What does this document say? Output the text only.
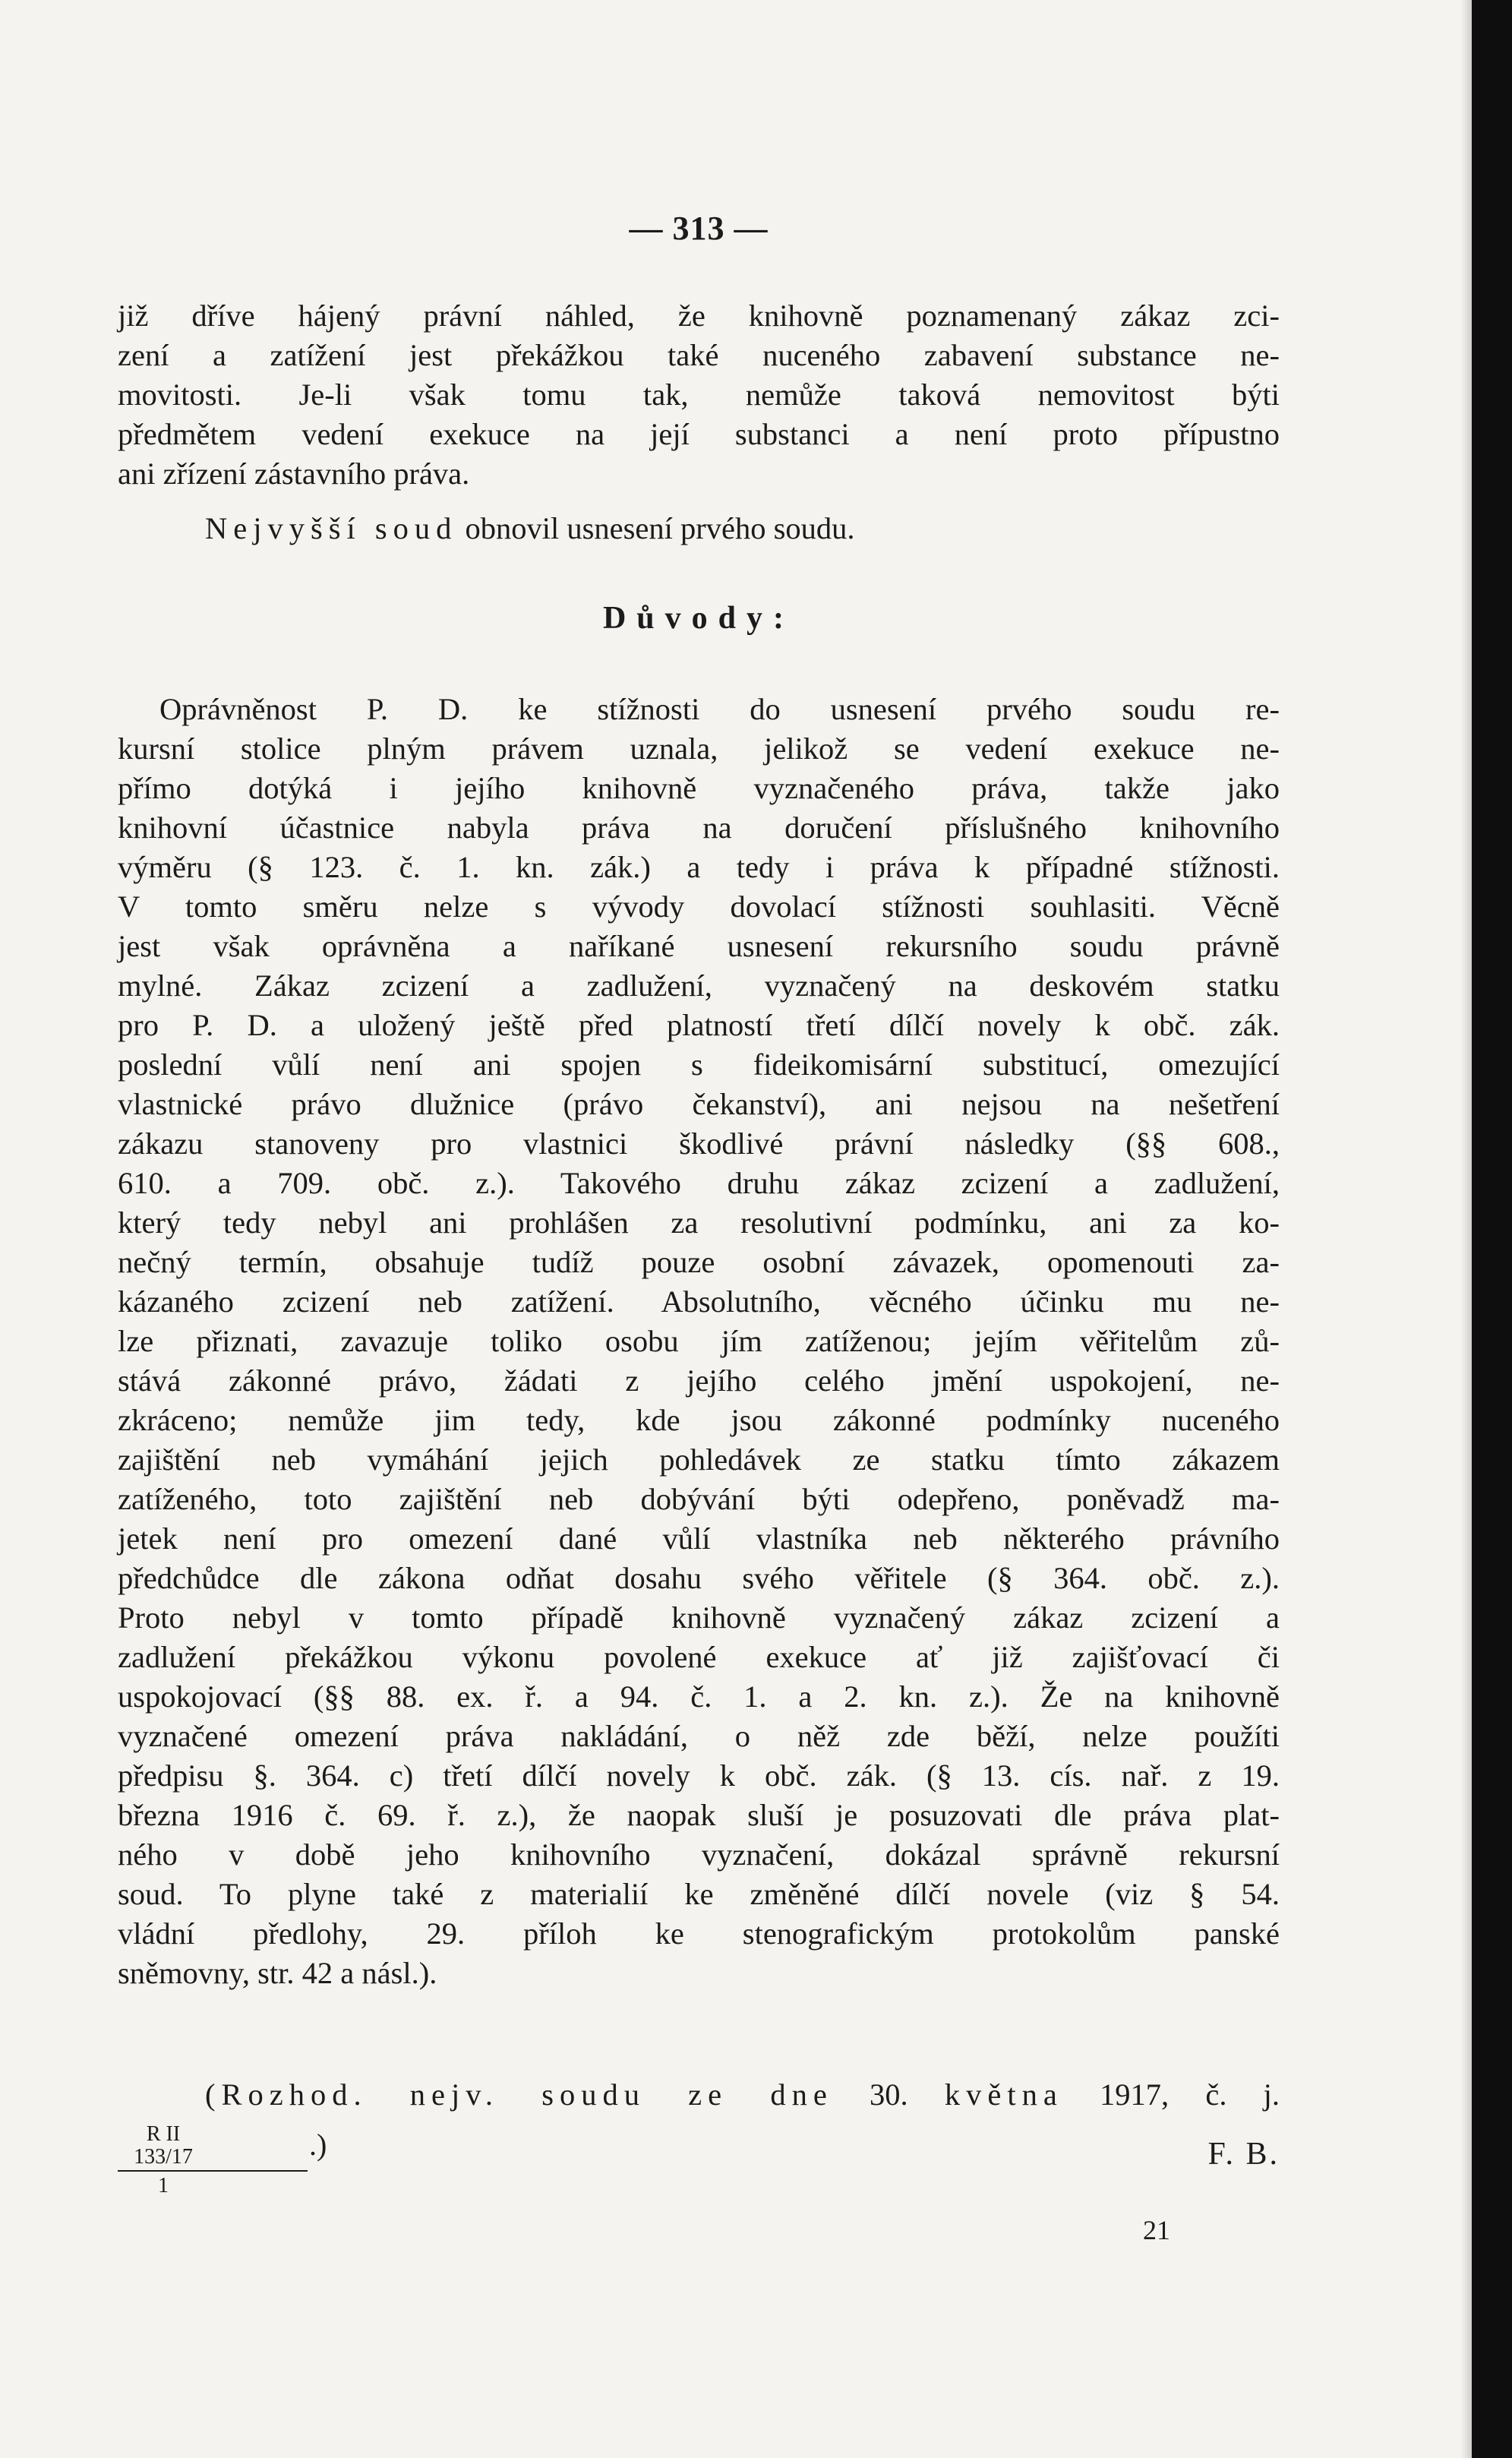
— 313 —
již dříve hájený právní náhled, že knihovně poznamenaný zákaz zci-
zení a zatížení jest překážkou také nuceného zabavení substance ne-
movitosti. Je-li však tomu tak, nemůže taková nemovitost býti
předmětem vedení exekuce na její substanci a není proto přípustno
ani zřízení zástavního práva.
Nejvyšší soud obnovil usnesení prvého soudu.
Důvody:
Oprávněnost P. D. ke stížnosti do usnesení prvého soudu re-
kursní stolice plným právem uznala, jelikož se vedení exekuce ne-
přímo dotýká i jejího knihovně vyznačeného práva, takže jako
knihovní účastnice nabyla práva na doručení příslušného knihovního
výměru (§ 123. č. 1. kn. zák.) a tedy i práva k případné stížnosti.
V tomto směru nelze s vývody dovolací stížnosti souhlasiti. Věcně
jest však oprávněna a naříkané usnesení rekursního soudu právně
mylné. Zákaz zcizení a zadlužení, vyznačený na deskovém statku
pro P. D. a uložený ještě před platností třetí dílčí novely k obč. zák.
poslední vůlí není ani spojen s fideikomisární substitucí, omezující
vlastnické právo dlužnice (právo čekanství), ani nejsou na nešetření
zákazu stanoveny pro vlastnici škodlivé právní následky (§§ 608.,
610. a 709. obč. z.). Takového druhu zákaz zcizení a zadlužení,
který tedy nebyl ani prohlášen za resolutivní podmínku, ani za ko-
nečný termín, obsahuje tudíž pouze osobní závazek, opomenouti za-
kázaného zcizení neb zatížení. Absolutního, věcného účinku mu ne-
lze přiznati, zavazuje toliko osobu jím zatíženou; jejím věřitelům zů-
stává zákonné právo, žádati z jejího celého jmění uspokojení, ne-
zkráceno; nemůže jim tedy, kde jsou zákonné podmínky nuceného
zajištění neb vymáhání jejich pohledávek ze statku tímto zákazem
zatíženého, toto zajištění neb dobývání býti odepřeno, poněvadž ma-
jetek není pro omezení dané vůlí vlastníka neb některého právního
předchůdce dle zákona odňat dosahu svého věřitele (§ 364. obč. z.).
Proto nebyl v tomto případě knihovně vyznačený zákaz zcizení a
zadlužení překážkou výkonu povolené exekuce ať již zajišťovací či
uspokojovací (§§ 88. ex. ř. a 94. č. 1. a 2. kn. z.). Že na knihovně
vyznačené omezení práva nakládání, o něž zde běží, nelze použíti
předpisu §. 364. c) třetí dílčí novely k obč. zák. (§ 13. cís. nař. z 19.
března 1916 č. 69. ř. z.), že naopak sluší je posuzovati dle práva plat-
ného v době jeho knihovního vyznačení, dokázal správně rekursní
soud. To plyne také z materialií ke změněné dílčí novele (viz § 54.
vládní předlohy, 29. příloh ke stenografickým protokolům panské
sněmovny, str. 42 a násl.).
(Rozhod. nejv. soudu ze dne 30. května 1917, č. j.
R II 133/17
1
.)	F. B.
21
